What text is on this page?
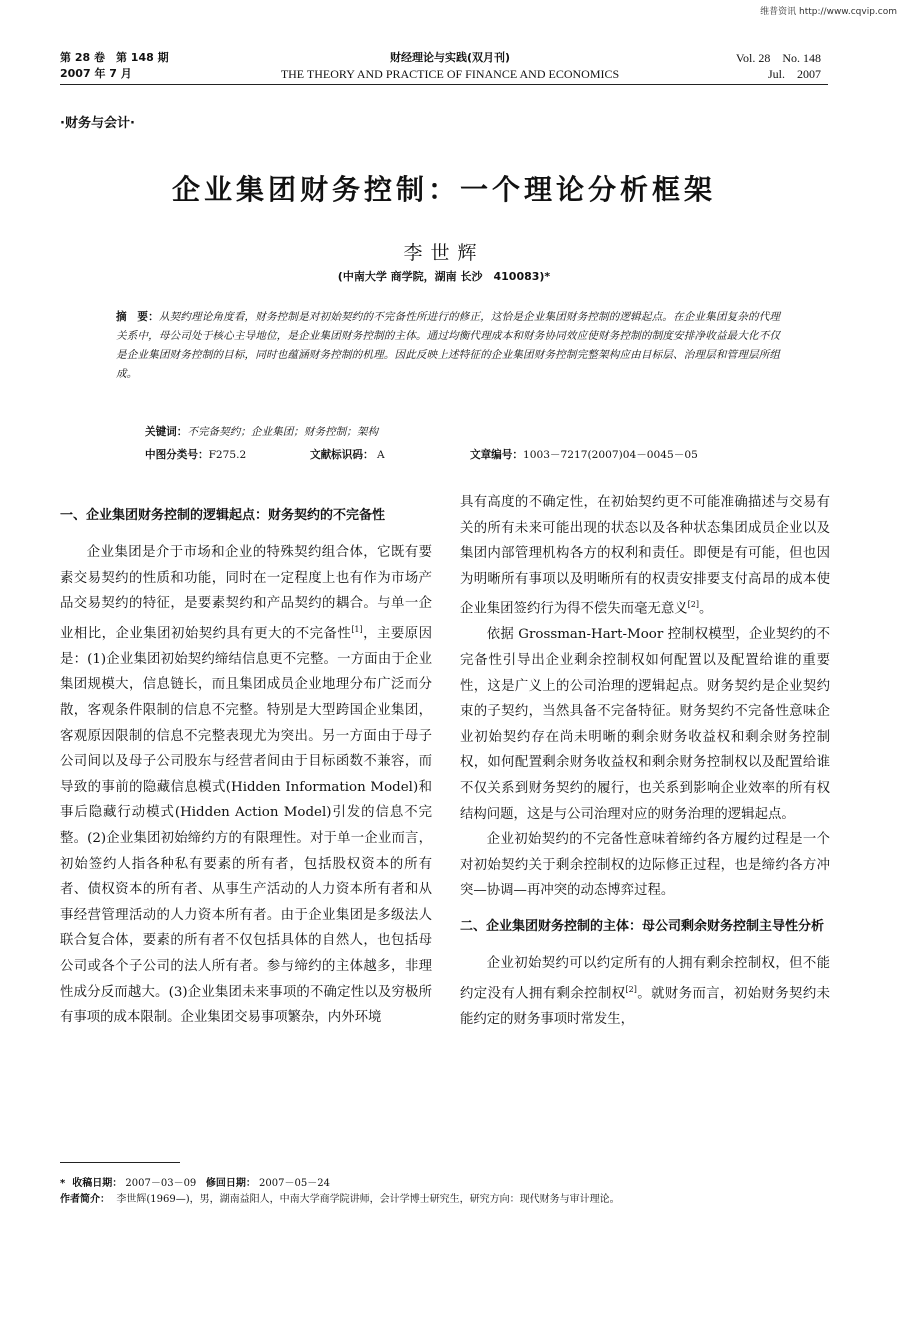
维普资讯 http://www.cqvip.com
第 28 卷　第 148 期
2007 年 7 月
财经理论与实践(双月刊)
THE THEORY AND PRACTICE OF FINANCE AND ECONOMICS
Vol. 28　No. 148
Jul.　2007
·财务与会计·
企业集团财务控制：一个理论分析框架
李世辉
(中南大学 商学院，湖南 长沙　410083)*
摘　要：从契约理论角度看，财务控制是对初始契约的不完备性所进行的修正，这恰是企业集团财务控制的逻辑起点。在企业集团复杂的代理关系中，母公司处于核心主导地位，是企业集团财务控制的主体。通过均衡代理成本和财务协同效应使财务控制的制度安排净收益最大化不仅是企业集团财务控制的目标，同时也蕴涵财务控制的机理。因此反映上述特征的企业集团财务控制完整架构应由目标层、治理层和管理层所组成。
关键词：不完备契约；企业集团；财务控制；架构
中图分类号：F275.2	文献标识码： A	文章编号：1003－7217(2007)04－0045－05

一、企业集团财务控制的逻辑起点：财务契约的不完备性

企业集团是介于市场和企业的特殊契约组合体，它既有要素交易契约的性质和功能，同时在一定程度上也有作为市场产品交易契约的特征，是要素契约和产品契约的耦合。与单一企业相比，企业集团初始契约具有更大的不完备性[1]，主要原因是：(1)企业集团初始契约缔结信息更不完整。一方面由于企业集团规模大，信息链长，而且集团成员企业地理分布广泛而分散，客观条件限制的信息不完整。特别是大型跨国企业集团，客观原因限制的信息不完整表现尤为突出。另一方面由于母子公司间以及母子公司股东与经营者间由于目标函数不兼容，而导致的事前的隐藏信息模式(Hidden Information Model)和事后隐藏行动模式(Hidden Action Model)引发的信息不完整。(2)企业集团初始缔约方的有限理性。对于单一企业而言，初始签约人指各种私有要素的所有者，包括股权资本的所有者、债权资本的所有者、从事生产活动的人力资本所有者和从事经营管理活动的人力资本所有者。由于企业集团是多级法人联合复合体，要素的所有者不仅包括具体的自然人，也包括母公司或各个子公司的法人所有者。参与缔约的主体越多，非理性成分反而越大。(3)企业集团未来事项的不确定性以及穷极所有事项的成本限制。企业集团交易事项繁杂，内外环境

具有高度的不确定性，在初始契约更不可能准确描述与交易有关的所有未来可能出现的状态以及各种状态集团成员企业以及集团内部管理机构各方的权利和责任。即便是有可能，但也因为明晰所有事项以及明晰所有的权责安排要支付高昂的成本使企业集团签约行为得不偿失而毫无意义[2]。

依据 Grossman-Hart-Moor 控制权模型，企业契约的不完备性引导出企业剩余控制权如何配置以及配置给谁的重要性，这是广义上的公司治理的逻辑起点。财务契约是企业契约束的子契约，当然具备不完备特征。财务契约不完备性意味企业初始契约存在尚未明晰的剩余财务收益权和剩余财务控制权，如何配置剩余财务收益权和剩余财务控制权以及配置给谁不仅关系到财务契约的履行，也关系到影响企业效率的所有权结构问题，这是与公司治理对应的财务治理的逻辑起点。

企业初始契约的不完备性意味着缔约各方履约过程是一个对初始契约关于剩余控制权的边际修正过程，也是缔约各方冲突—协调—再冲突的动态博弈过程。

二、企业集团财务控制的主体：母公司剩余财务控制主导性分析

企业初始契约可以约定所有的人拥有剩余控制权，但不能约定没有人拥有剩余控制权[2]。就财务而言，初始财务契约未能约定的财务事项时常发生，

*  收稿日期： 2007－03－09 修回日期： 2007－05－24
作者简介： 李世辉(1969—)，男，湖南益阳人，中南大学商学院讲师，会计学博士研究生，研究方向：现代财务与审计理论。
